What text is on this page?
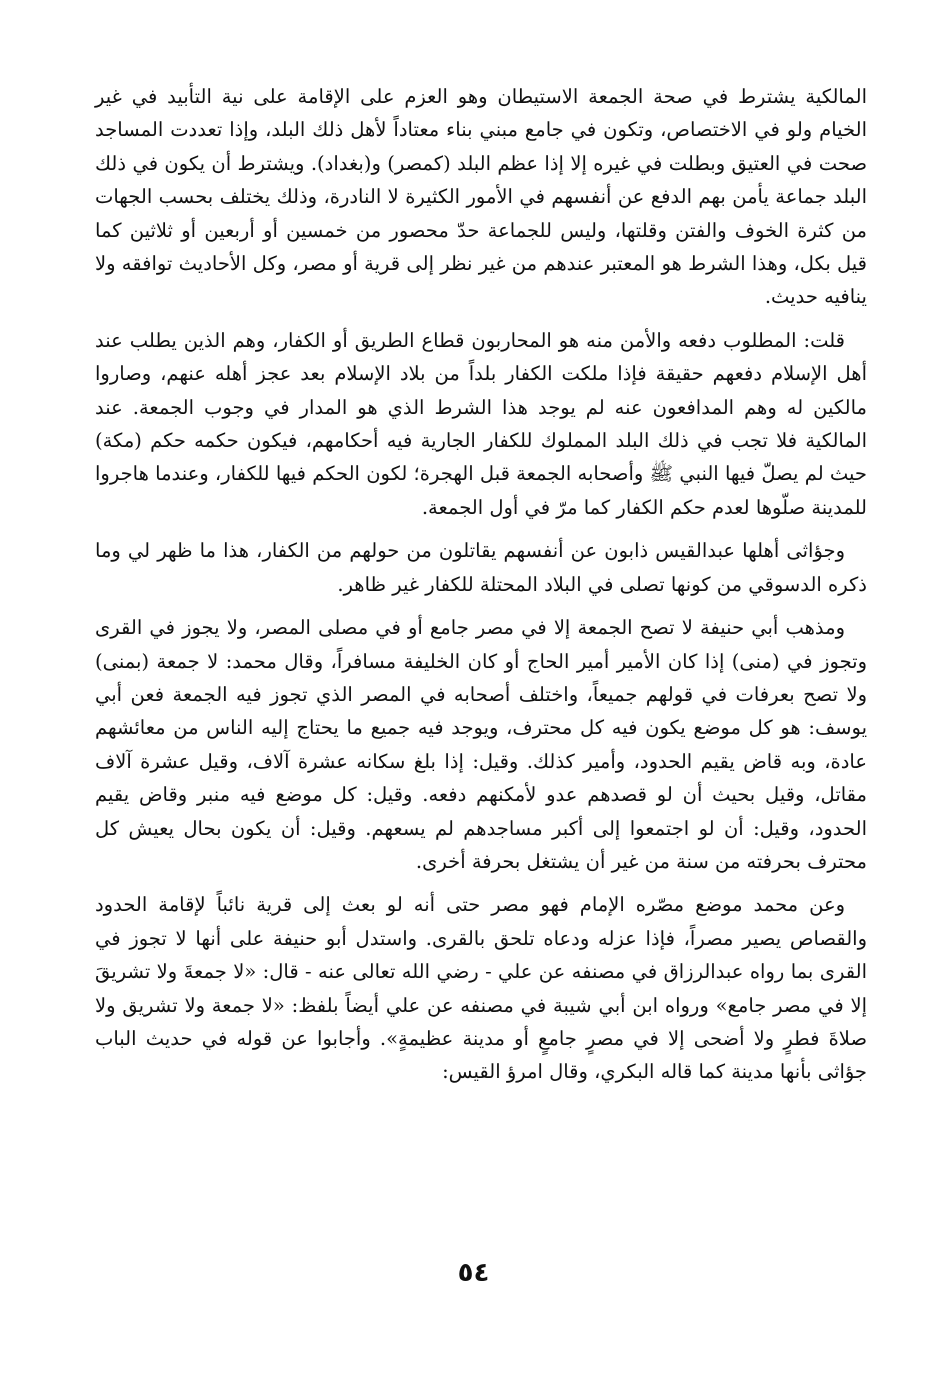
المالكية يشترط في صحة الجمعة الاستيطان وهو العزم على الإقامة على نية التأبيد في غير الخيام ولو في الاختصاص، وتكون في جامع مبني بناء معتاداً لأهل ذلك البلد، وإذا تعددت المساجد صحت في العتيق وبطلت في غيره إلا إذا عظم البلد (كمصر) و(بغداد). ويشترط أن يكون في ذلك البلد جماعة يأمن بهم الدفع عن أنفسهم في الأمور الكثيرة لا النادرة، وذلك يختلف بحسب الجهات من كثرة الخوف والفتن وقلتها، وليس للجماعة حدّ محصور من خمسين أو أربعين أو ثلاثين كما قيل بكل، وهذا الشرط هو المعتبر عندهم من غير نظر إلى قرية أو مصر، وكل الأحاديث توافقه ولا ينافيه حديث.

قلت: المطلوب دفعه والأمن منه هو المحاربون قطاع الطريق أو الكفار، وهم الذين يطلب عند أهل الإسلام دفعهم حقيقة فإذا ملكت الكفار بلداً من بلاد الإسلام بعد عجز أهله عنهم، وصاروا مالكين له وهم المدافعون عنه لم يوجد هذا الشرط الذي هو المدار في وجوب الجمعة. عند المالكية فلا تجب في ذلك البلد المملوك للكفار الجارية فيه أحكامهم، فيكون حكمه حكم (مكة) حيث لم يصلّ فيها النبي ﷺ وأصحابه الجمعة قبل الهجرة؛ لكون الحكم فيها للكفار، وعندما هاجروا للمدينة صلّوها لعدم حكم الكفار كما مرّ في أول الجمعة.

وجؤاثى أهلها عبدالقيس ذابون عن أنفسهم يقاتلون من حولهم من الكفار، هذا ما ظهر لي وما ذكره الدسوقي من كونها تصلى في البلاد المحتلة للكفار غير ظاهر.

ومذهب أبي حنيفة لا تصح الجمعة إلا في مصر جامع أو في مصلى المصر، ولا يجوز في القرى وتجوز في (منى) إذا كان الأمير أمير الحاج أو كان الخليفة مسافراً، وقال محمد: لا جمعة (بمنى) ولا تصح بعرفات في قولهم جميعاً، واختلف أصحابه في المصر الذي تجوز فيه الجمعة فعن أبي يوسف: هو كل موضع يكون فيه كل محترف، ويوجد فيه جميع ما يحتاج إليه الناس من معائشهم عادة، وبه قاض يقيم الحدود، وأمير كذلك. وقيل: إذا بلغ سكانه عشرة آلاف، وقيل عشرة آلاف مقاتل، وقيل بحيث أن لو قصدهم عدو لأمكنهم دفعه. وقيل: كل موضع فيه منبر وقاض يقيم الحدود، وقيل: أن لو اجتمعوا إلى أكبر مساجدهم لم يسعهم. وقيل: أن يكون بحال يعيش كل محترف بحرفته من سنة من غير أن يشتغل بحرفة أخرى.

وعن محمد موضع مصّره الإمام فهو مصر حتى أنه لو بعث إلى قرية نائباً لإقامة الحدود والقصاص يصير مصراً، فإذا عزله ودعاه تلحق بالقرى. واستدل أبو حنيفة على أنها لا تجوز في القرى بما رواه عبدالرزاق في مصنفه عن علي - رضي الله تعالى عنه - قال: «لا جمعةَ ولا تشريقَ إلا في مصر جامع» ورواه ابن أبي شيبة في مصنفه عن علي أيضاً بلفظ: «لا جمعة ولا تشريق ولا صلاةَ فطرٍ ولا أضحى إلا في مصرٍ جامعٍ أو مدينة عظيمةٍ». وأجابوا عن قوله في حديث الباب جؤاثى بأنها مدينة كما قاله البكري، وقال امرؤ القيس:

٥٤
